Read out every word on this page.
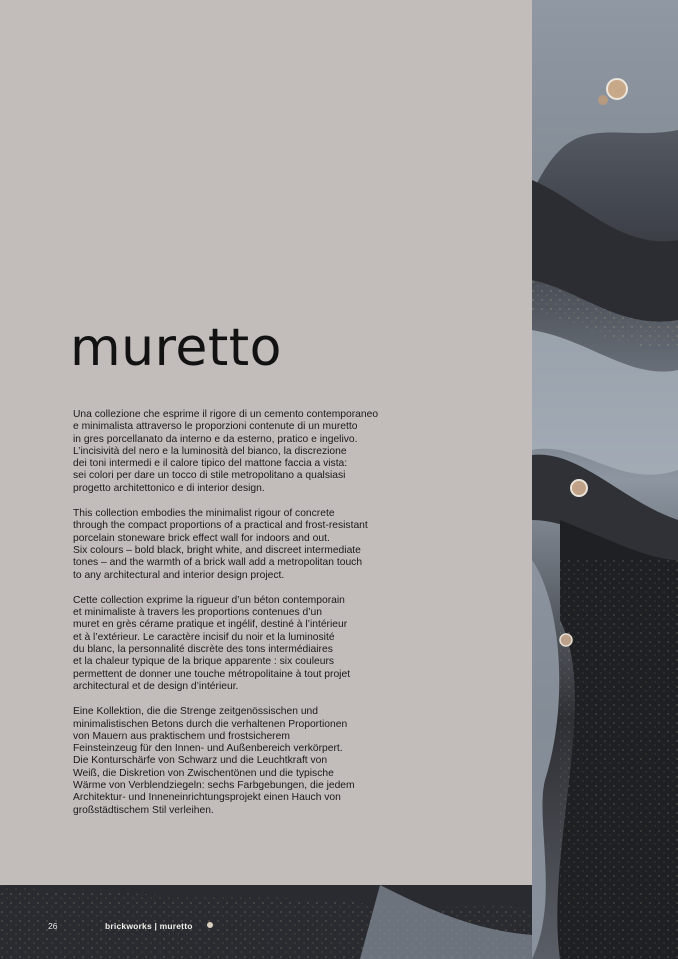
muretto

Una collezione che esprime il rigore di un cemento contemporaneo
e minimalista attraverso le proporzioni contenute di un muretto
in gres porcellanato da interno e da esterno, pratico e ingelivo.
L’incisività del nero e la luminosità del bianco, la discrezione
dei toni intermedi e il calore tipico del mattone faccia a vista:
sei colori per dare un tocco di stile metropolitano a qualsiasi
progetto architettonico e di interior design.

This collection embodies the minimalist rigour of concrete
through the compact proportions of a practical and frost-resistant
porcelain stoneware brick effect wall for indoors and out.
Six colours – bold black, bright white, and discreet intermediate
tones – and the warmth of a brick wall add a metropolitan touch
to any architectural and interior design project.

Cette collection exprime la rigueur d’un béton contemporain
et minimaliste à travers les proportions contenues d’un
muret en grès cérame pratique et ingélif, destiné à l’intérieur
et à l’extérieur. Le caractère incisif du noir et la luminosité
du blanc, la personnalité discrète des tons intermédiaires
et la chaleur typique de la brique apparente : six couleurs
permettent de donner une touche métropolitaine à tout projet
architectural et de design d’intérieur.

Eine Kollektion, die die Strenge zeitgenössischen und
minimalistischen Betons durch die verhaltenen Proportionen
von Mauern aus praktischem und frostsicherem
Feinsteinzeug für den Innen- und Außenbereich verkörpert.
Die Konturschärfe von Schwarz und die Leuchtkraft von
Weiß, die Diskretion von Zwischentönen und die typische
Wärme von Verblendziegeln: sechs Farbgebungen, die jedem
Architektur- und Inneneinrichtungsprojekt einen Hauch von
großstädtischem Stil verleihen.

26	brickworks | muretto
